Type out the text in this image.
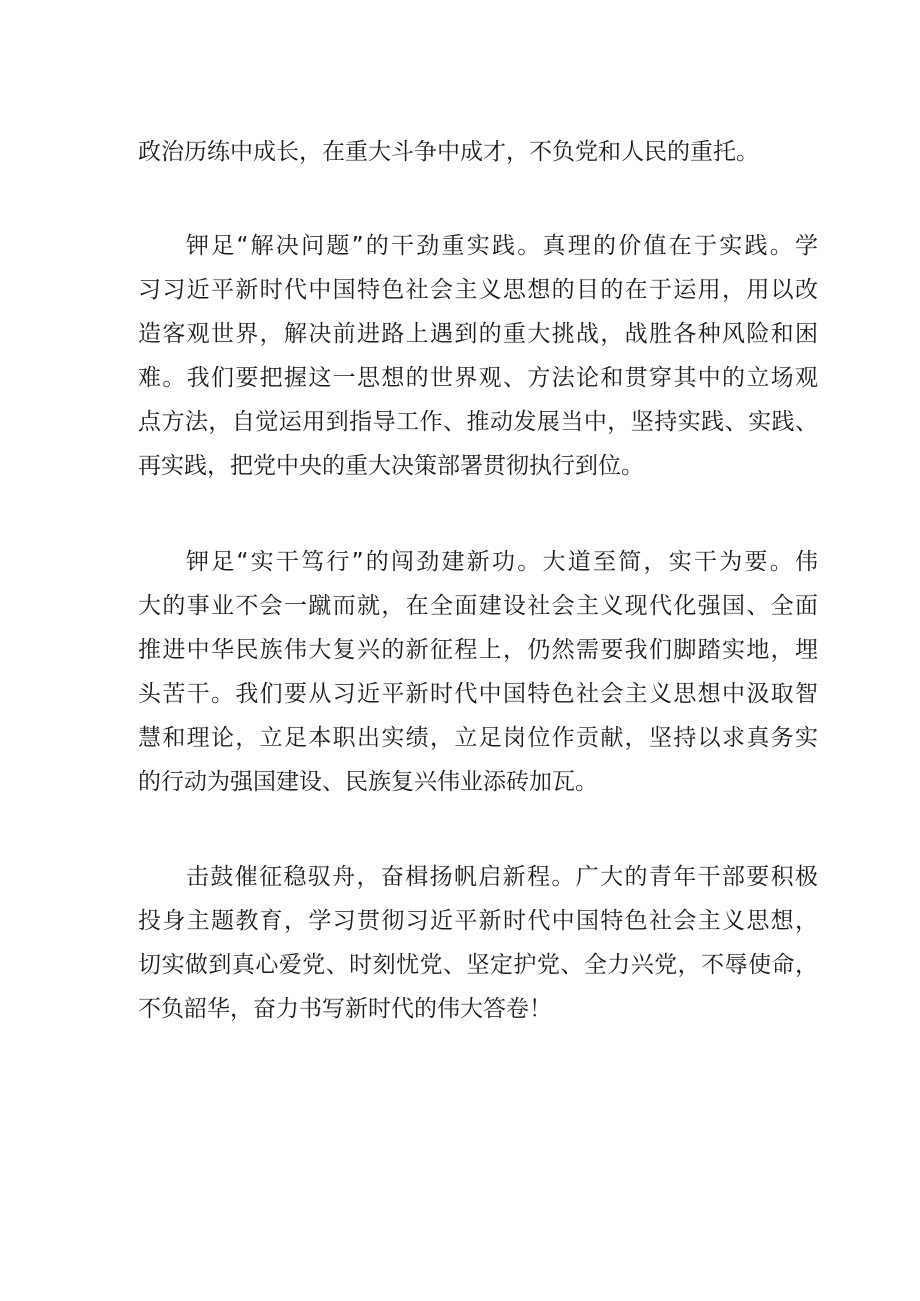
政治历练中成长，在重大斗争中成才，不负党和人民的重托。

钾足“解决问题”的干劲重实践。真理的价值在于实践。学

习习近平新时代中国特色社会主义思想的目的在于运用，用以改

造客观世界，解决前进路上遇到的重大挑战，战胜各种风险和困

难。我们要把握这一思想的世界观、方法论和贯穿其中的立场观

点方法，自觉运用到指导工作、推动发展当中，坚持实践、实践、

再实践，把党中央的重大决策部署贯彻执行到位。

钾足“实干笃行”的闯劲建新功。大道至简，实干为要。伟

大的事业不会一蹴而就，在全面建设社会主义现代化强国、全面

推进中华民族伟大复兴的新征程上，仍然需要我们脚踏实地，埋

头苦干。我们要从习近平新时代中国特色社会主义思想中汲取智

慧和理论，立足本职出实绩，立足岗位作贡献，坚持以求真务实

的行动为强国建设、民族复兴伟业添砖加瓦。

击鼓催征稳驭舟，奋楫扬帆启新程。广大的青年干部要积极

投身主题教育，学习贯彻习近平新时代中国特色社会主义思想，

切实做到真心爱党、时刻忧党、坚定护党、全力兴党，不辱使命，

不负韶华，奋力书写新时代的伟大答卷！
